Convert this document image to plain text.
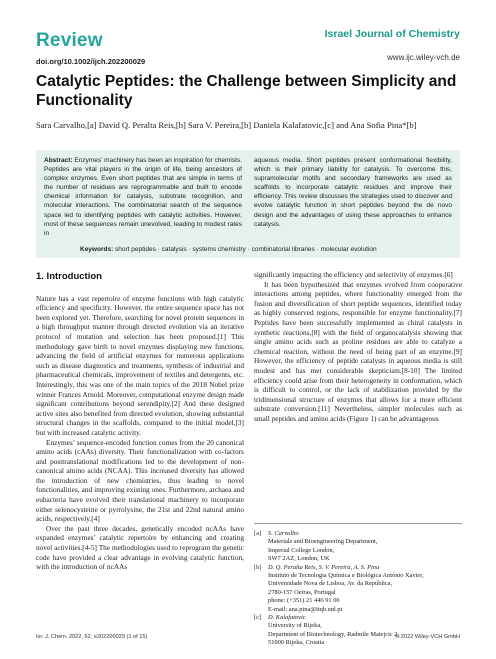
Review	Israel Journal of Chemistry
www.ijc.wiley-vch.de
doi.org/10.1002/ijch.202200029
Catalytic Peptides: the Challenge between Simplicity and Functionality
Sara Carvalho,[a] David Q. Peralta Reis,[b] Sara V. Pereira,[b] Daniela Kalafatovic,[c] and Ana Sofia Pina*[b]
Abstract: Enzymes’ machinery has been an inspiration for chemists. Peptides are vital players in the origin of life, being ancestors of complex enzymes. Even short peptides that are simple in terms of the number of residues are reprogrammable and built to encode chemical information for catalysis, substrate recognition, and molecular interactions. The combinatorial search of the sequence space led to identifying peptides with catalytic activities. However, most of these sequences remain unevolved, leading to modest rates in
aqueous media. Short peptides present conformational flexibility, which is their primary liability for catalysis. To overcome this, supramolecular motifs and secondary frameworks are used as scaffolds to incorporate catalytic residues and improve their efficiency. This review discusses the strategies used to discover and evolve catalytic function in short peptides beyond the de novo design and the advantages of using these approaches to enhance catalysis.
Keywords: short peptides · catalysis · systems chemistry · combinatorial libraries · molecular evolution
1. Introduction

Nature has a vast repertoire of enzyme functions with high catalytic efficiency and specificity. However, the entire sequence space has not been explored yet. Therefore, searching for novel protein sequences in a high throughput manner through directed evolution via an iterative protocol of mutation and selection has been proposed.[1] This methodology gave birth to novel enzymes displaying new functions, advancing the field of artificial enzymes for numerous applications such as disease diagnostics and treatments, synthesis of industrial and pharmaceutical chemicals, improvement of textiles and detergents, etc. Interestingly, this was one of the main topics of the 2018 Nobel prize winner Frances Arnold. Moreover, computational enzyme design made significant contributions beyond serendipity.[2] And these designed active sites also benefited from directed evolution, showing substantial structural changes in the scaffolds, compared to the initial model,[3] but with increased catalytic activity.

Enzymes’ sequence-encoded function comes from the 20 canonical amino acids (cAAs) diversity. Their functionalization with co-factors and posttranslational modifications led to the development of non-canonical amino acids (NCAA). This increased diversity has allowed the introduction of new chemistries, thus leading to novel functionalities, and improving existing ones. Furthermore, archaea and eubacteria have evolved their translational machinery to incorporate either selenocysteine or pyrrolysine, the 21st and 22nd natural amino acids, respectively.[4]

Over the past three decades, genetically encoded ncAAs have expanded enzymes’ catalytic repertoire by enhancing and creating novel activities.[4-5] The methodologies used to reprogram the genetic code have provided a clear advantage in evolving catalytic function, with the introduction of ncAAs

significantly impacting the efficiency and selectivity of enzymes.[6]

It has been hypothesized that enzymes evolved from cooperative interactions among peptides, where functionality emerged from the fusion and diversification of short peptide sequences, identified today as highly conserved regions, responsible for enzyme functionality.[7] Peptides have been successfully implemented as chiral catalysts in synthetic reactions,[8] with the field of organocatalysis showing that single amino acids such as proline residues are able to catalyze a chemical reaction, without the need of being part of an enzyme.[9] However, the efficiency of peptide catalysts in aqueous media is still modest and has met considerable skepticism.[8-10] The limited efficiency could arise from their heterogeneity in conformation, which is difficult to control, or the lack of stabilization provided by the tridimensional structure of enzymes that allows for a more efficient substrate conversion.[11] Nevertheless, simpler molecules such as small peptides and amino acids (Figure 1) can be advantageous

[a]	S. Carvalho
Materials and Bioengineering Department,
Imperial College London,
SW7 2AZ, London, UK
[b]	D. Q. Peralta Reis, S. V. Pereira, A. S. Pina
Instituto de Tecnologia Química e Biológica António Xavier,
Universidade Nova de Lisboa, Av. da República,
2780-157 Oeiras, Portugal
phone: (+351) 21 446 91 00
E-mail: ana.pina@itqb.unl.pt
[c]	D. Kalafatovic
University of Rijeka,
Department of Biotechnology, Radmile Matejcic 2,
51000 Rijeka, Croatia
Isr. J. Chem. 2022, 62, e202200029 (1 of 15)	© 2022 Wiley-VCH GmbH
